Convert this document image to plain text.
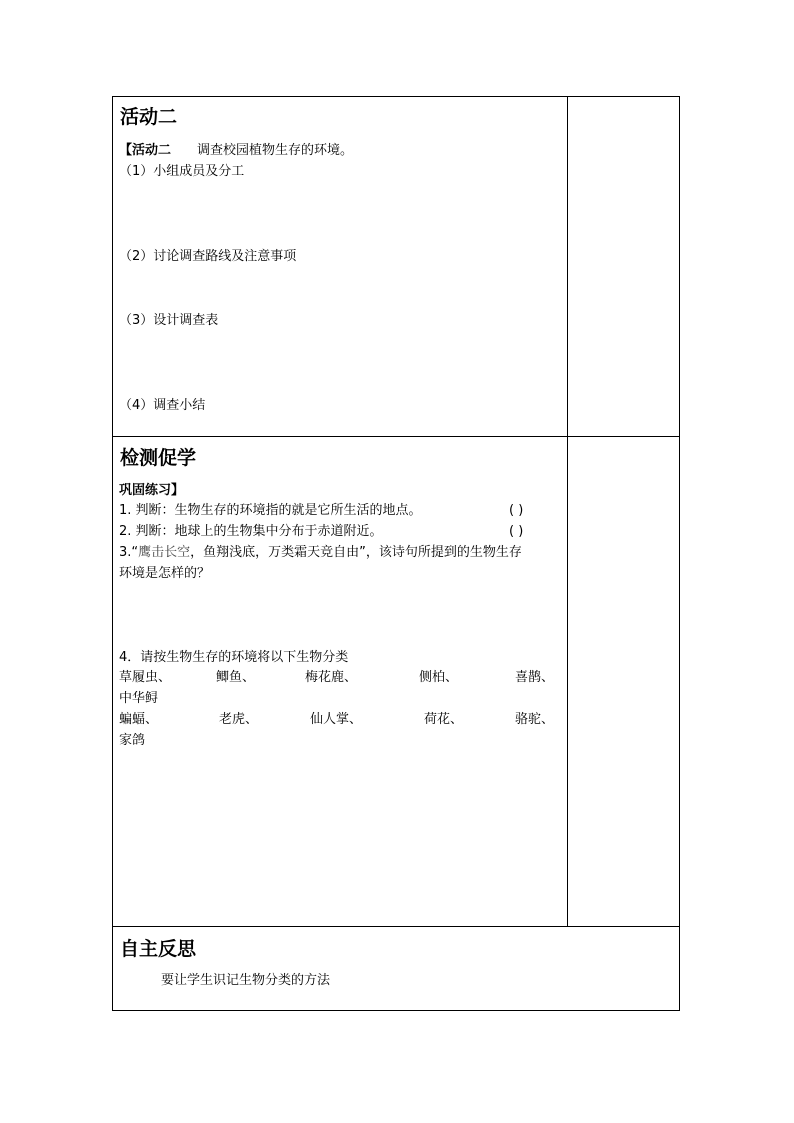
活动二
【活动二 调查校园植物生存的环境。
（1）小组成员及分工
（2）讨论调查路线及注意事项
（3）设计调查表
（4）调查小结
检测促学
巩固练习】
1. 判断：生物生存的环境指的就是它所生活的地点。	( )
2. 判断：地球上的生物集中分布于赤道附近。	( )
3.“鹰击长空，鱼翔浅底，万类霜天竞自由”，该诗句所提到的生物生存
环境是怎样的？
4．请按生物生存的环境将以下生物分类
草履虫、	鲫鱼、	梅花鹿、	侧柏、	喜鹊、
中华鲟
蝙蝠、	老虎、	仙人掌、	荷花、	骆驼、
家鸽
自主反思
要让学生识记生物分类的方法
